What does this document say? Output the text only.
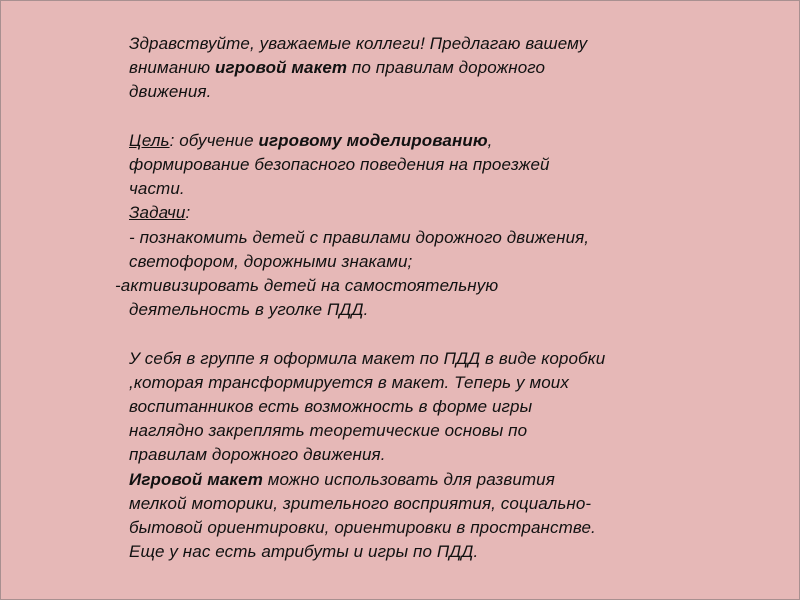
Здравствуйте, уважаемые коллеги! Предлагаю вашему
вниманию игровой макет по правилам дорожного
движения.
Цель: обучение игровому моделированию,
формирование безопасного поведения на проезжей
части.
Задачи:
- познакомить детей с правилами дорожного движения,
светофором, дорожными знаками;
-активизировать детей на самостоятельную
деятельность в уголке ПДД.
У себя в группе я оформила макет по ПДД в виде коробки
,которая трансформируется в макет. Теперь у моих
воспитанников есть возможность в форме игры
наглядно закреплять теоретические основы по
правилам дорожного движения.
Игровой макет можно использовать для развития
мелкой моторики, зрительного восприятия, социально-
бытовой ориентировки, ориентировки в пространстве.
Еще у нас есть атрибуты и игры по ПДД.
